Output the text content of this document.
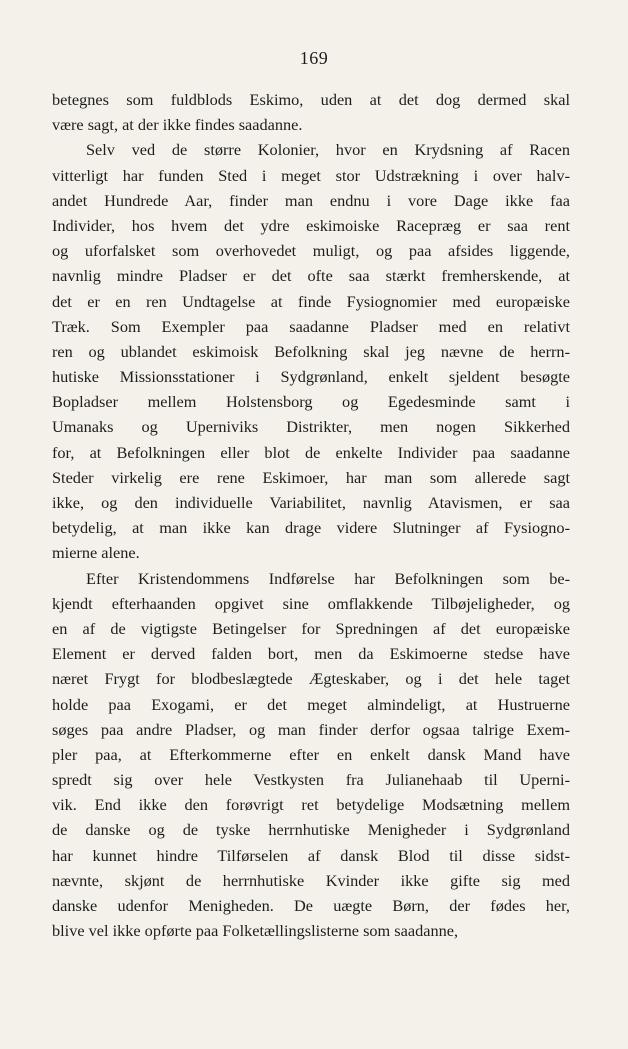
169
betegnes som fuldblods Eskimo, uden at det dog dermed skal
være sagt, at der ikke findes saadanne.
Selv ved de større Kolonier, hvor en Krydsning af Racen
vitterligt har funden Sted i meget stor Udstrækning i over halv-
andet Hundrede Aar, finder man endnu i vore Dage ikke faa
Individer, hos hvem det ydre eskimoiske Racepræg er saa rent
og uforfalsket som overhovedet muligt, og paa afsides liggende,
navnlig mindre Pladser er det ofte saa stærkt fremherskende, at
det er en ren Undtagelse at finde Fysiognomier med europæiske
Træk. Som Exempler paa saadanne Pladser med en relativt
ren og ublandet eskimoisk Befolkning skal jeg nævne de herrn-
hutiske Missionsstationer i Sydgrønland, enkelt sjeldent besøgte
Bopladser mellem Holstensborg og Egedesminde samt i
Umanaks og Uperniviks Distrikter, men nogen Sikkerhed
for, at Befolkningen eller blot de enkelte Individer paa saadanne
Steder virkelig ere rene Eskimoer, har man som allerede sagt
ikke, og den individuelle Variabilitet, navnlig Atavismen, er saa
betydelig, at man ikke kan drage videre Slutninger af Fysiogno-
mierne alene.
Efter Kristendommens Indførelse har Befolkningen som be-
kjendt efterhaanden opgivet sine omflakkende Tilbøjeligheder, og
en af de vigtigste Betingelser for Spredningen af det europæiske
Element er derved falden bort, men da Eskimoerne stedse have
næret Frygt for blodbeslægtede Ægteskaber, og i det hele taget
holde paa Exogami, er det meget almindeligt, at Hustruerne
søges paa andre Pladser, og man finder derfor ogsaa talrige Exem-
pler paa, at Efterkommerne efter en enkelt dansk Mand have
spredt sig over hele Vestkysten fra Julianehaab til Uperni-
vik. End ikke den forøvrigt ret betydelige Modsætning mellem
de danske og de tyske herrnhutiske Menigheder i Sydgrønland
har kunnet hindre Tilførselen af dansk Blod til disse sidst-
nævnte, skjønt de herrnhutiske Kvinder ikke gifte sig med
danske udenfor Menigheden. De uægte Børn, der fødes her,
blive vel ikke opførte paa Folketællingslisterne som saadanne,
